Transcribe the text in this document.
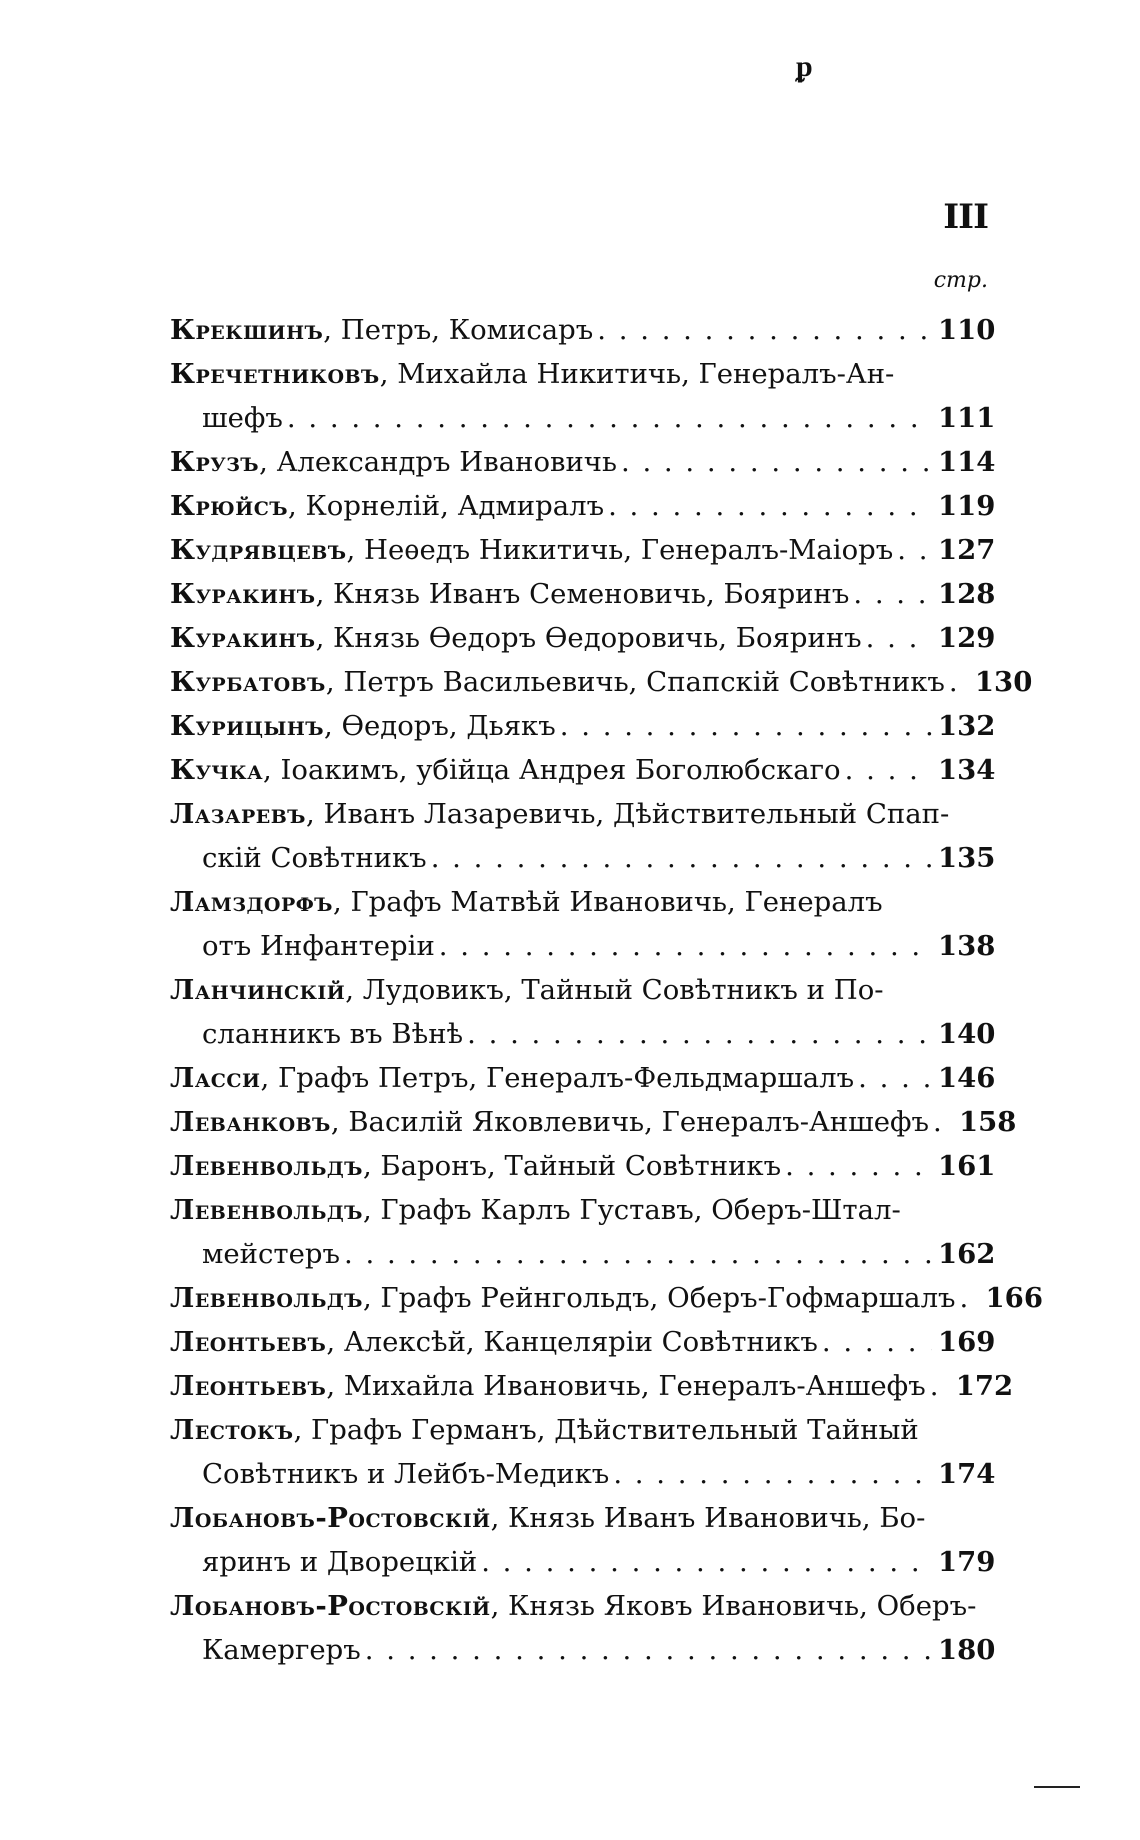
ᵱ
III
стр.
Крекшинъ , Петръ, Комисаръ . . .	110
Кречетниковъ , Михайла Никитичь, Генералъ-Ан-
шефъ . . .	111
Крузъ , Александръ Ивановичь . . .	114
Крюйсъ , Корнелій, Адмиралъ . . .	119
Кудрявцевъ , Неѳедъ Никитичь, Генералъ-Маіоръ . . . 127
Куракинъ , Князь Иванъ Семеновичь, Бояринъ . . .	128
Куракинъ , Князь Ѳедоръ Ѳедоровичь, Бояринъ . . .	129
Курбатовъ , Петръ Васильевичь, Спапскій Совѣтникъ . . . 130
Курицынъ , Ѳедоръ, Дьякъ . . .	132
Кучка , Іоакимъ, убійца Андрея Боголюбскаго . . .	134
Лазаревъ , Иванъ Лазаревичь, Дѣйствительный Спап-
скій Совѣтникъ . . .	135
Ламздорфъ , Графъ Матвѣй Ивановичь, Генералъ
отъ Инфантеріи . . .	138
Ланчинскій , Лудовикъ, Тайный Совѣтникъ и По-
сланникъ въ Вѣнѣ . . .	140
Ласси , Графъ Петръ, Генералъ-Фельдмаршалъ . . .	146
Леванковъ , Василій Яковлевичь, Генералъ-Аншефъ . . . 158
Левенвольдъ , Баронъ, Тайный Совѣтникъ . . .	161
Левенвольдъ , Графъ Карлъ Густавъ, Оберъ-Штал-
мейстеръ . . .	162
Левенвольдъ , Графъ Рейнгольдъ, Оберъ-Гофмаршалъ . . . 166
Леонтьевъ , Алексѣй, Канцеляріи Совѣтникъ . . .	169
Леонтьевъ , Михайла Ивановичь, Генералъ-Аншефъ . . . 172
Лестокъ , Графъ Германъ, Дѣйствительный Тайный
Совѣтникъ и Лейбъ-Медикъ . . .	174
Лобановъ-Ростовскій , Князь Иванъ Ивановичь, Бо-
яринъ и Дворецкій . . .	179
Лобановъ-Ростовскій , Князь Яковъ Ивановичь, Оберъ-
Камергеръ . . .	180
